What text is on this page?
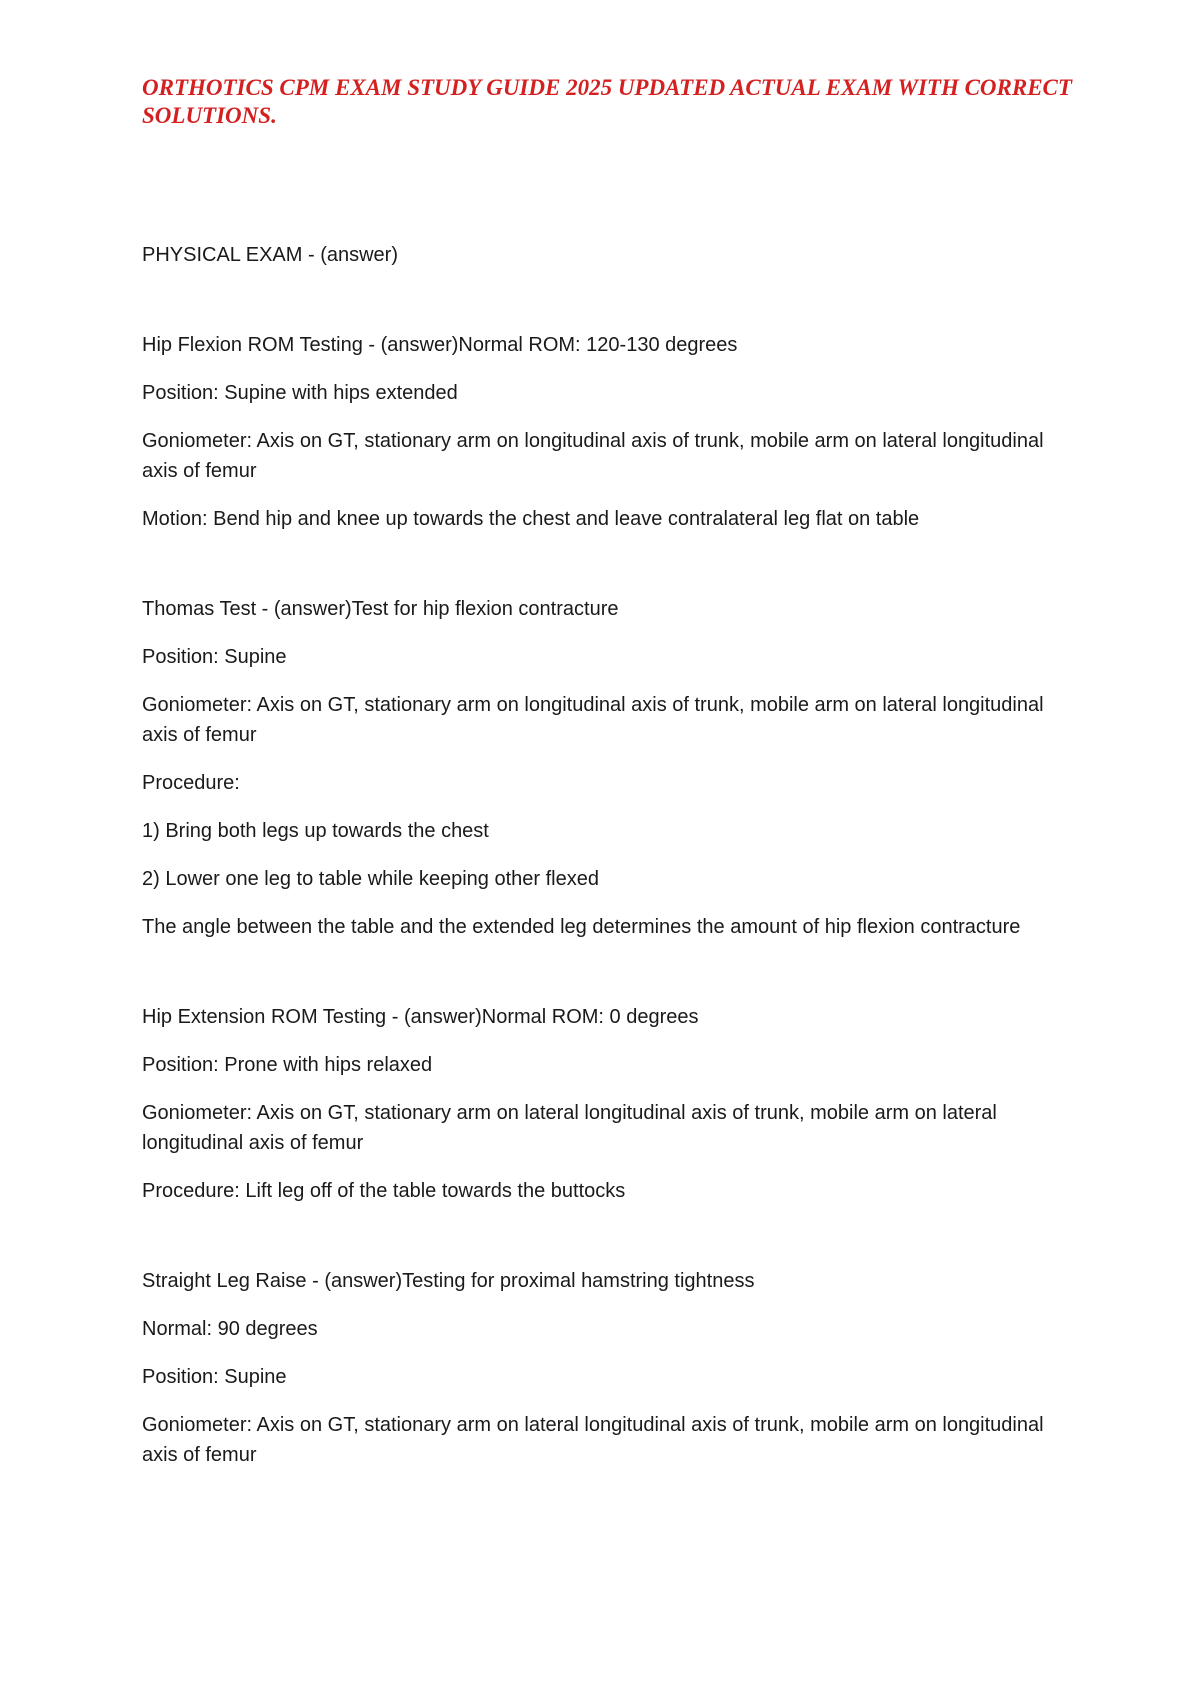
ORTHOTICS CPM EXAM STUDY GUIDE 2025 UPDATED ACTUAL EXAM WITH CORRECT SOLUTIONS.

PHYSICAL EXAM - (answer)

Hip Flexion ROM Testing - (answer)Normal ROM: 120-130 degrees

Position: Supine with hips extended

Goniometer: Axis on GT, stationary arm on longitudinal axis of trunk, mobile arm on lateral longitudinal axis of femur

Motion: Bend hip and knee up towards the chest and leave contralateral leg flat on table

Thomas Test - (answer)Test for hip flexion contracture

Position: Supine

Goniometer: Axis on GT, stationary arm on longitudinal axis of trunk, mobile arm on lateral longitudinal axis of femur

Procedure:

1) Bring both legs up towards the chest

2) Lower one leg to table while keeping other flexed

The angle between the table and the extended leg determines the amount of hip flexion contracture

Hip Extension ROM Testing - (answer)Normal ROM: 0 degrees

Position: Prone with hips relaxed

Goniometer: Axis on GT, stationary arm on lateral longitudinal axis of trunk, mobile arm on lateral longitudinal axis of femur

Procedure: Lift leg off of the table towards the buttocks

Straight Leg Raise - (answer)Testing for proximal hamstring tightness

Normal: 90 degrees

Position: Supine

Goniometer: Axis on GT, stationary arm on lateral longitudinal axis of trunk, mobile arm on longitudinal axis of femur
